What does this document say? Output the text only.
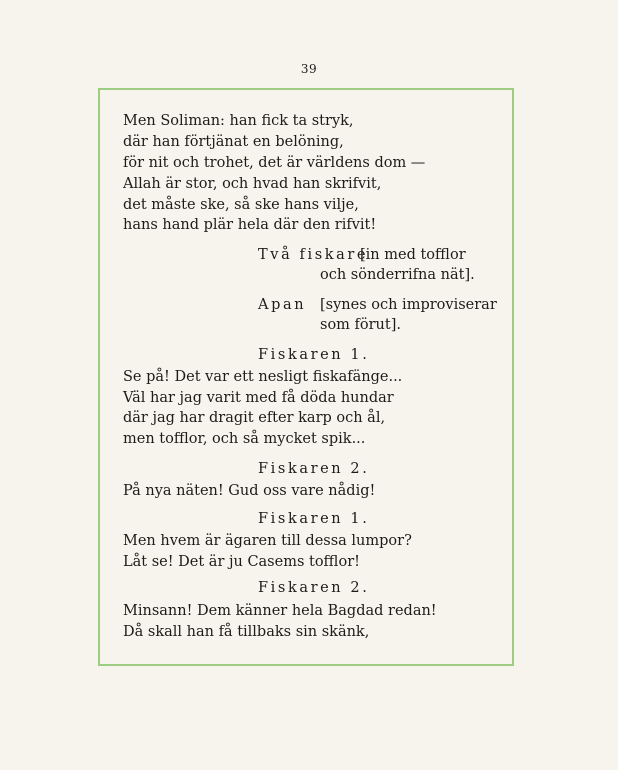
39
Men Soliman: han fick ta stryk,
där han förtjänat en belöning,
för nit och trohet, det är världens dom —
Allah är stor, och hvad han skrifvit,
det måste ske, så ske hans vilje,
hans hand plär hela där den rifvit!
Två fiskare
[in med tofflor
och sönderrifna nät].
Apan [synes och improviserar
som förut].
Fiskaren 1.
Se på! Det var ett nesligt fiskafänge...
Väl har jag varit med få döda hundar
där jag har dragit efter karp och ål,
men tofflor, och så mycket spik...
Fiskaren 2.
På nya näten! Gud oss vare nådig!
Fiskaren 1.
Men hvem är ägaren till dessa lumpor?
Låt se! Det är ju Casems tofflor!
Fiskaren 2.
Minsann! Dem känner hela Bagdad redan!
Då skall han få tillbaks sin skänk,
